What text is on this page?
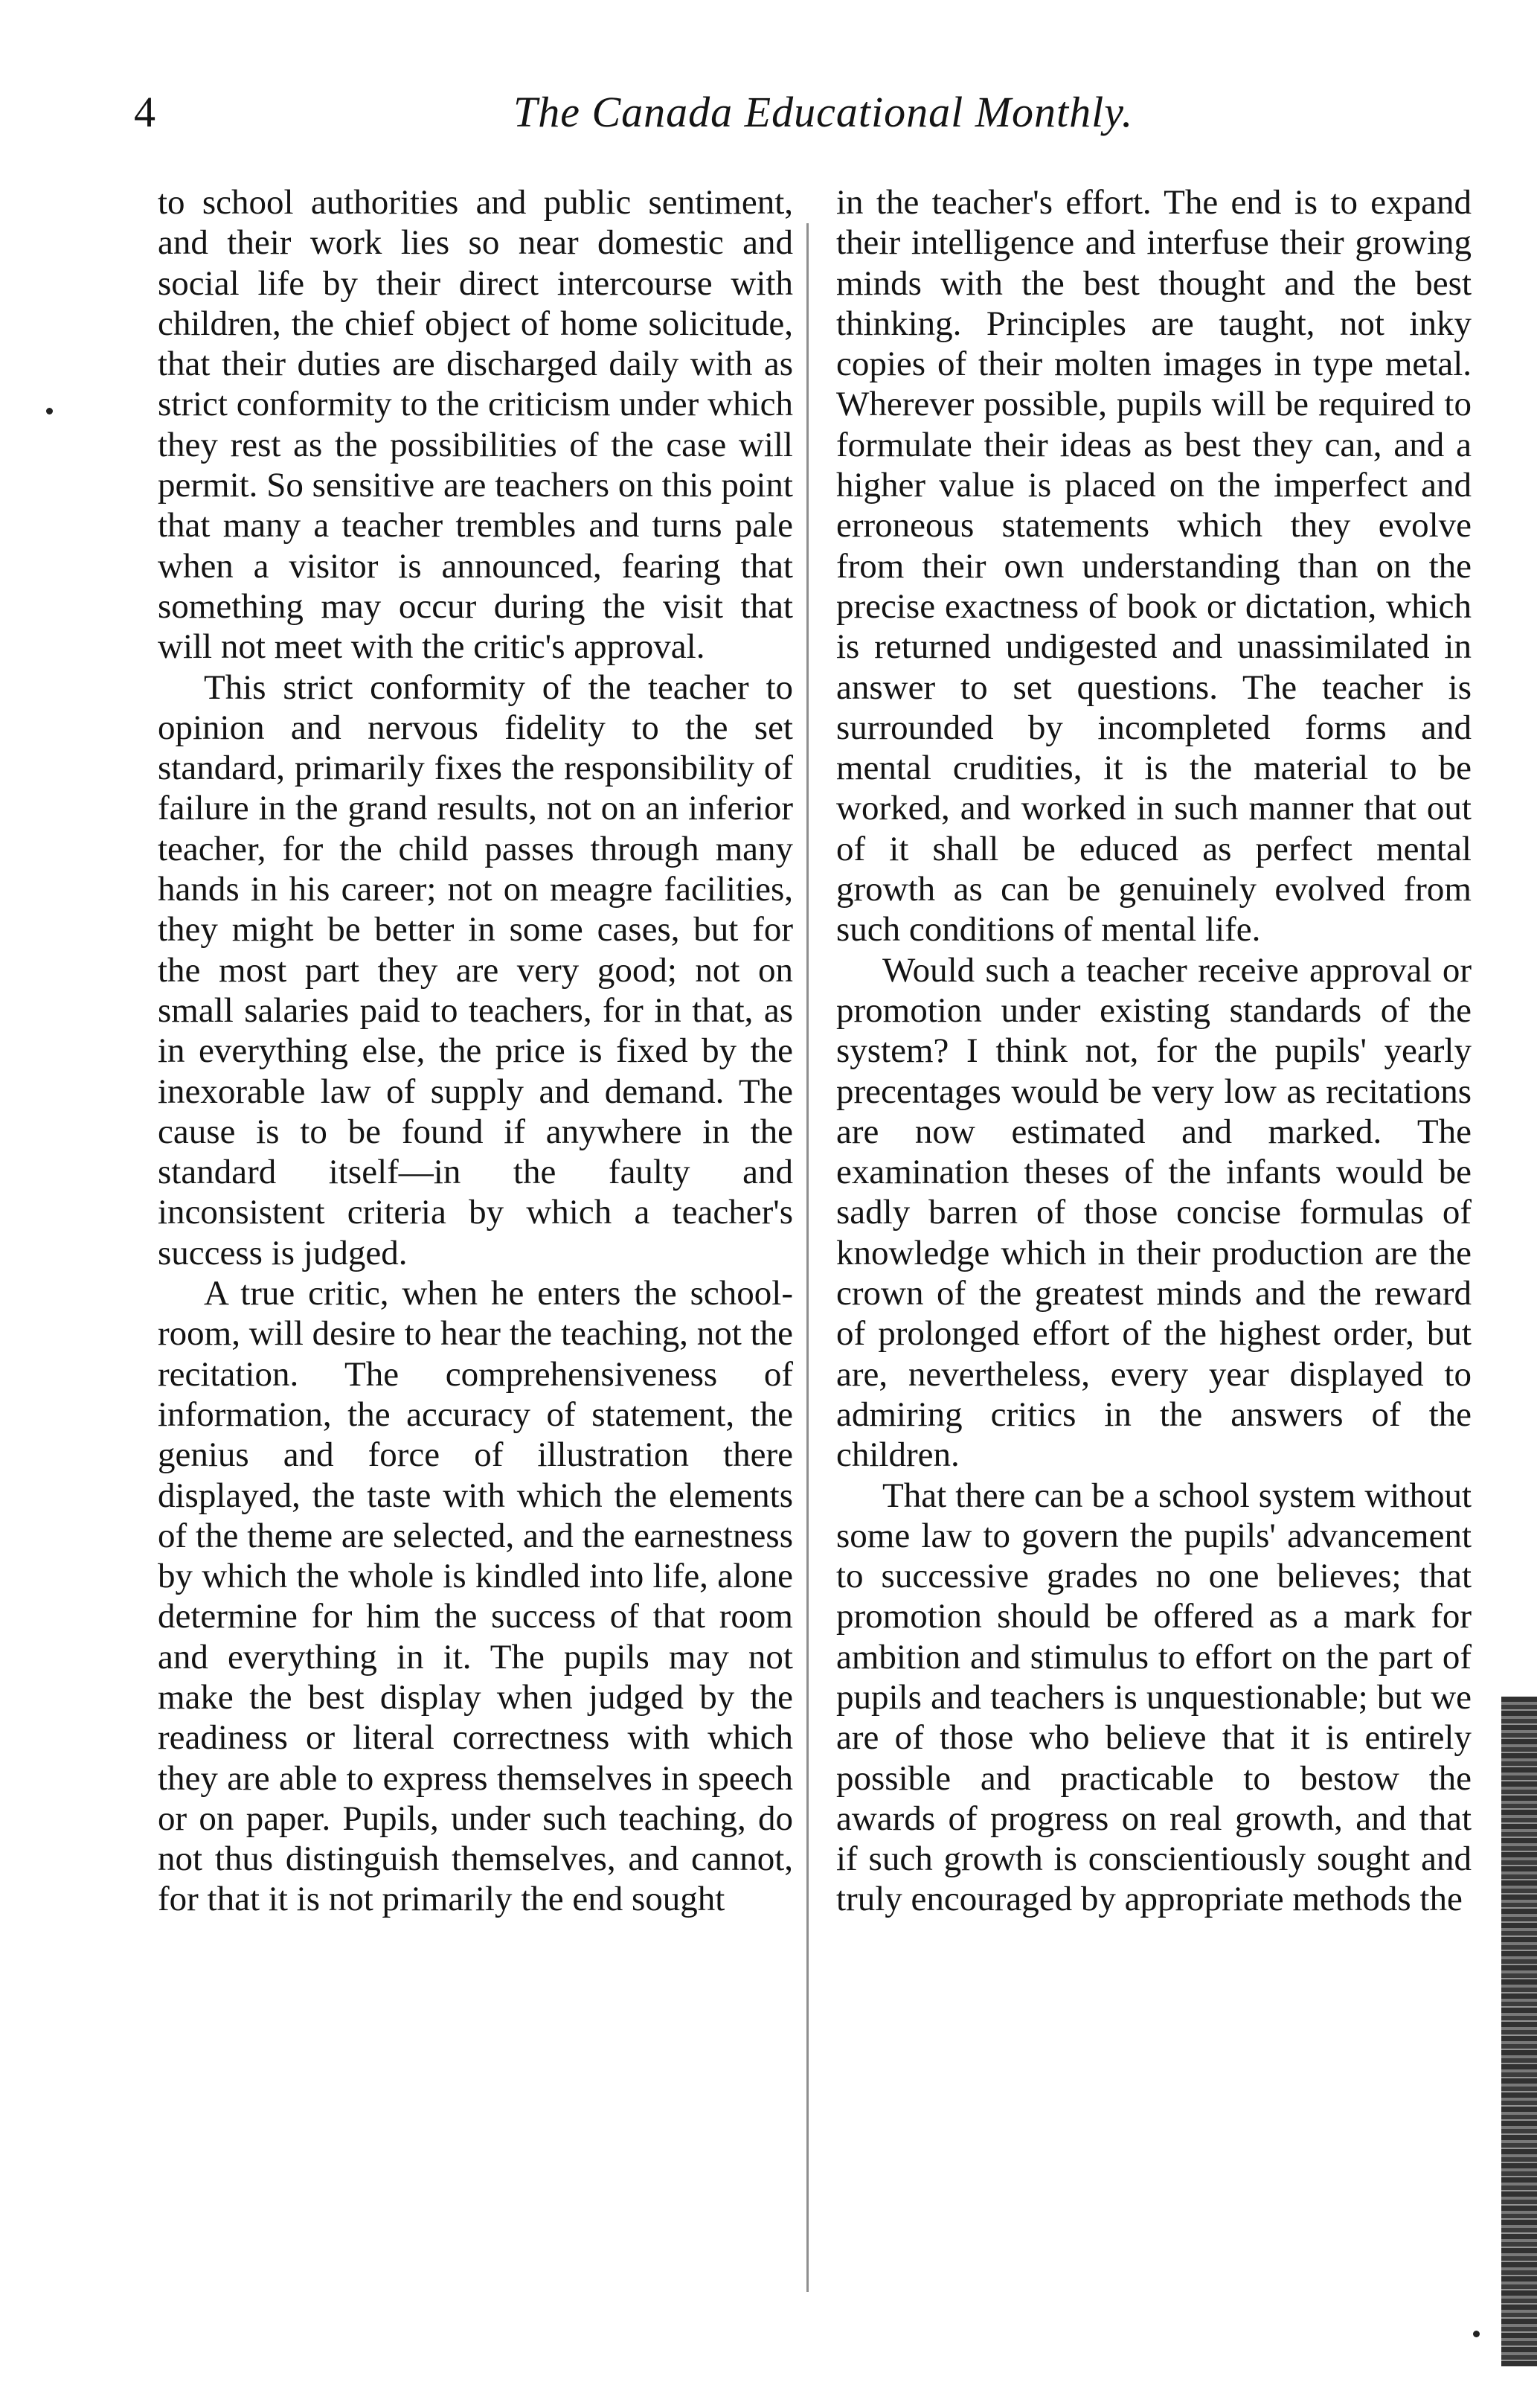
4	The Canada Educational Monthly.

to school authorities and public sentiment, and their work lies so near domestic and social life by their direct intercourse with children, the chief object of home solicitude, that their duties are discharged daily with as strict conformity to the criticism under which they rest as the possibilities of the case will permit. So sensitive are teachers on this point that many a teacher trembles and turns pale when a visitor is announced, fearing that something may occur during the visit that will not meet with the critic's approval.

This strict conformity of the teacher to opinion and nervous fidelity to the set standard, primarily fixes the responsibility of failure in the grand results, not on an inferior teacher, for the child passes through many hands in his career; not on meagre facilities, they might be better in some cases, but for the most part they are very good; not on small salaries paid to teachers, for in that, as in everything else, the price is fixed by the inexorable law of supply and demand. The cause is to be found if anywhere in the standard itself—in the faulty and inconsistent criteria by which a teacher's success is judged.

A true critic, when he enters the school-room, will desire to hear the teaching, not the recitation. The comprehensiveness of information, the accuracy of statement, the genius and force of illustration there displayed, the taste with which the elements of the theme are selected, and the earnestness by which the whole is kindled into life, alone determine for him the success of that room and everything in it. The pupils may not make the best display when judged by the readiness or literal correctness with which they are able to express themselves in speech or on paper. Pupils, under such teaching, do not thus distinguish themselves, and cannot, for that it is not primarily the end sought

in the teacher's effort. The end is to expand their intelligence and interfuse their growing minds with the best thought and the best thinking. Principles are taught, not inky copies of their molten images in type metal. Wherever possible, pupils will be required to formulate their ideas as best they can, and a higher value is placed on the imperfect and erroneous statements which they evolve from their own understanding than on the precise exactness of book or dictation, which is returned undigested and unassimilated in answer to set questions. The teacher is surrounded by incompleted forms and mental crudities, it is the material to be worked, and worked in such manner that out of it shall be educed as perfect mental growth as can be genuinely evolved from such conditions of mental life.

Would such a teacher receive approval or promotion under existing standards of the system? I think not, for the pupils' yearly precentages would be very low as recitations are now estimated and marked. The examination theses of the infants would be sadly barren of those concise formulas of knowledge which in their production are the crown of the greatest minds and the reward of prolonged effort of the highest order, but are, nevertheless, every year displayed to admiring critics in the answers of the children.

That there can be a school system without some law to govern the pupils' advancement to successive grades no one believes; that promotion should be offered as a mark for ambition and stimulus to effort on the part of pupils and teachers is unquestionable; but we are of those who believe that it is entirely possible and practicable to bestow the awards of progress on real growth, and that if such growth is conscientiously sought and truly encouraged by appropriate methods the
